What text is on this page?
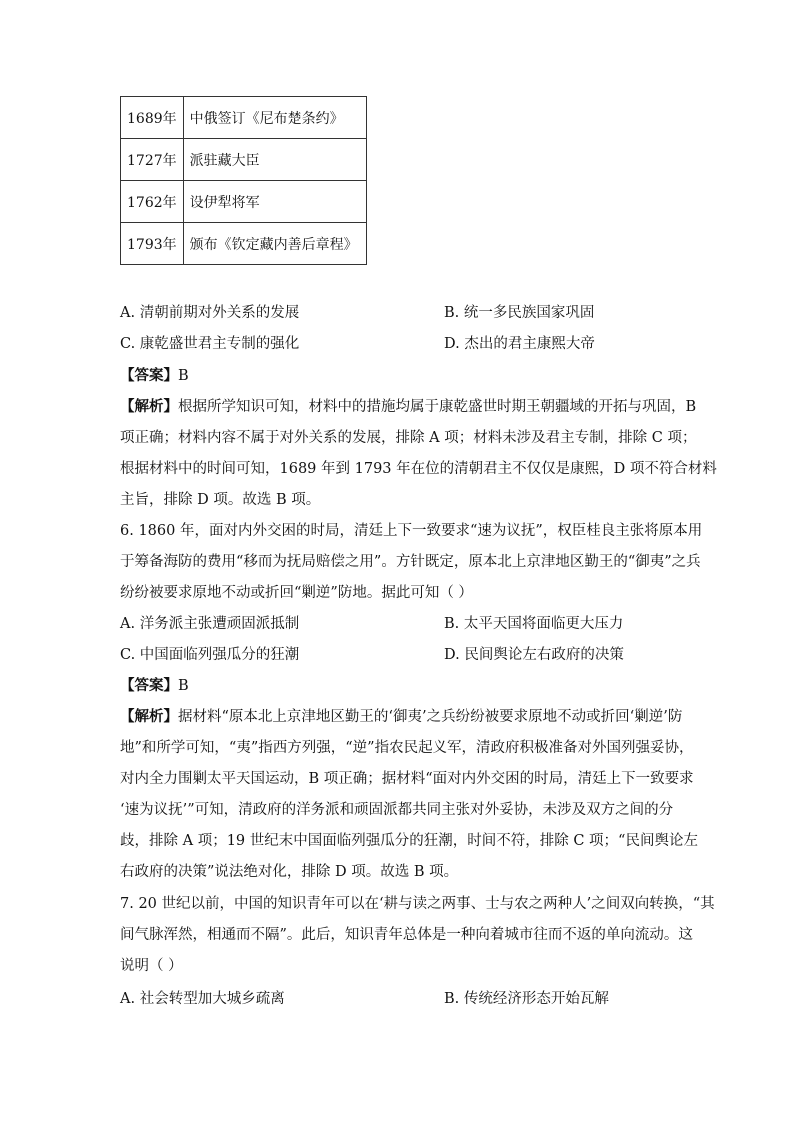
1689年	中俄签订《尼布楚条约》
1727年	派驻藏大臣
1762年	设伊犁将军
1793年	颁布《钦定藏内善后章程》
A. 清朝前期对外关系的发展	B. 统一多民族国家巩固
C. 康乾盛世君主专制的强化	D. 杰出的君主康熙大帝
【答案】B
【解析】根据所学知识可知，材料中的措施均属于康乾盛世时期王朝疆域的开拓与巩固，B
项正确；材料内容不属于对外关系的发展，排除 A 项；材料未涉及君主专制，排除 C 项；
根据材料中的时间可知，1689 年到 1793 年在位的清朝君主不仅仅是康熙，D 项不符合材料
主旨，排除 D 项。故选 B 项。
6. 1860 年，面对内外交困的时局，清廷上下一致要求“速为议抚”，权臣桂良主张将原本用
于筹备海防的费用“移而为抚局赔偿之用”。方针既定，原本北上京津地区勤王的“御夷”之兵
纷纷被要求原地不动或折回“剿逆”防地。据此可知（ ）
A. 洋务派主张遭顽固派抵制	B. 太平天国将面临更大压力
C. 中国面临列强瓜分的狂潮	D. 民间舆论左右政府的决策
【答案】B
【解析】据材料“原本北上京津地区勤王的‘御夷’之兵纷纷被要求原地不动或折回‘剿逆’防
地”和所学可知，“夷”指西方列强，“逆”指农民起义军，清政府积极准备对外国列强妥协，
对内全力围剿太平天国运动，B 项正确；据材料“面对内外交困的时局，清廷上下一致要求
‘速为议抚’”可知，清政府的洋务派和顽固派都共同主张对外妥协，未涉及双方之间的分
歧，排除 A 项；19 世纪末中国面临列强瓜分的狂潮，时间不符，排除 C 项；“民间舆论左
右政府的决策”说法绝对化，排除 D 项。故选 B 项。
7. 20 世纪以前，中国的知识青年可以在‘耕与读之两事、士与农之两种人’之间双向转换，“其
间气脉浑然，相通而不隔”。此后，知识青年总体是一种向着城市往而不返的单向流动。这
说明（ ）
A. 社会转型加大城乡疏离	B. 传统经济形态开始瓦解
